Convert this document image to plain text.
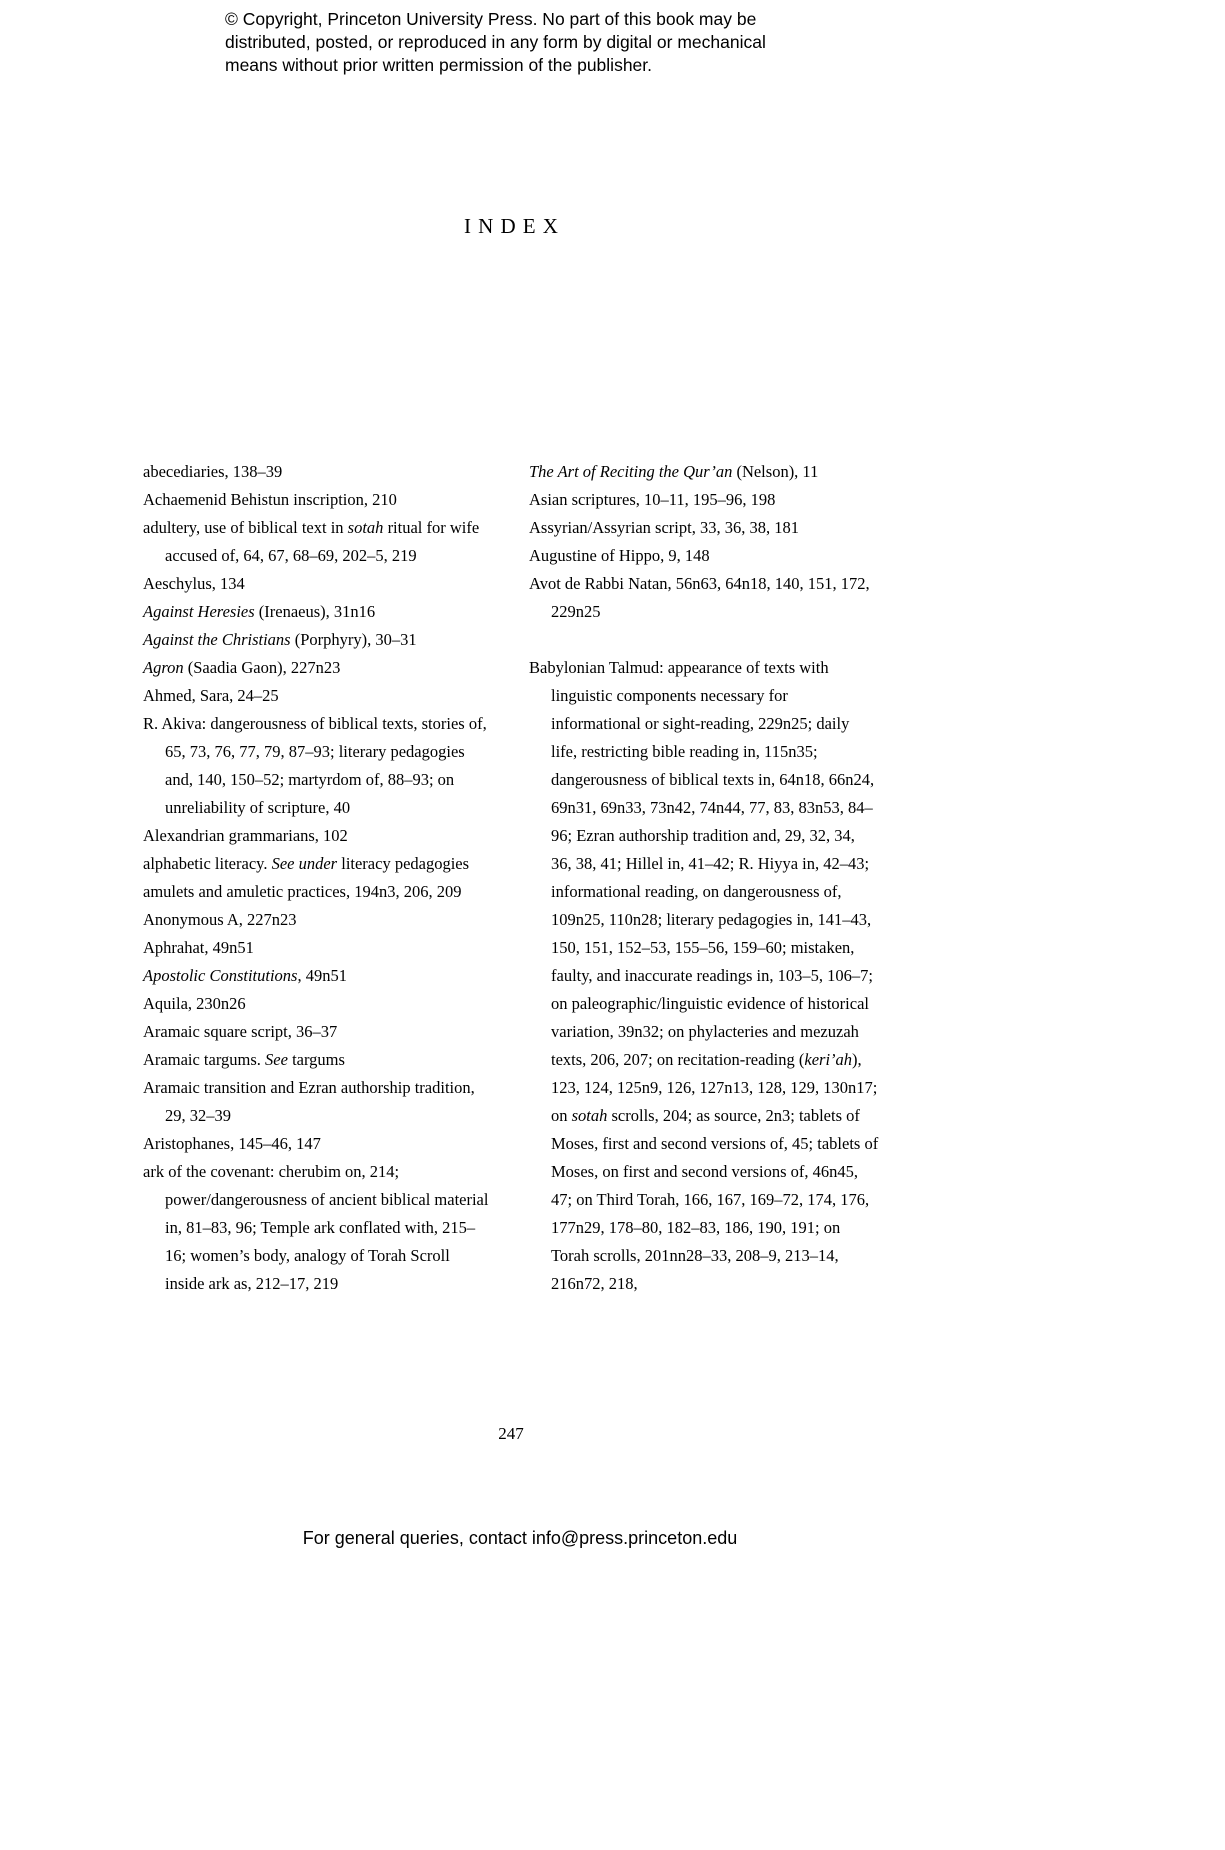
© Copyright, Princeton University Press. No part of this book may be
distributed, posted, or reproduced in any form by digital or mechanical
means without prior written permission of the publisher.
INDEX

abecediaries, 138–39

Achaemenid Behistun inscription, 210

adultery, use of biblical text in sotah ritual for wife accused of, 64, 67, 68–69, 202–5, 219

Aeschylus, 134

Against Heresies (Irenaeus), 31n16

Against the Christians (Porphyry), 30–31

Agron (Saadia Gaon), 227n23

Ahmed, Sara, 24–25

R. Akiva: dangerousness of biblical texts, stories of, 65, 73, 76, 77, 79, 87–93; literary pedagogies and, 140, 150–52; martyrdom of, 88–93; on unreliability of scripture, 40

Alexandrian grammarians, 102

alphabetic literacy. See under literacy pedagogies

amulets and amuletic practices, 194n3, 206, 209

Anonymous A, 227n23

Aphrahat, 49n51

Apostolic Constitutions, 49n51

Aquila, 230n26

Aramaic square script, 36–37

Aramaic targums. See targums

Aramaic transition and Ezran authorship tradition, 29, 32–39

Aristophanes, 145–46, 147

ark of the covenant: cherubim on, 214; power/dangerousness of ancient biblical material in, 81–83, 96; Temple ark conflated with, 215–16; women’s body, analogy of Torah Scroll inside ark as, 212–17, 219

The Art of Reciting the Qur’an (Nelson), 11

Asian scriptures, 10–11, 195–96, 198

Assyrian/Assyrian script, 33, 36, 38, 181

Augustine of Hippo, 9, 148

Avot de Rabbi Natan, 56n63, 64n18, 140, 151, 172, 229n25

Babylonian Talmud: appearance of texts with linguistic components necessary for informational or sight-reading, 229n25; daily life, restricting bible reading in, 115n35; dangerousness of biblical texts in, 64n18, 66n24, 69n31, 69n33, 73n42, 74n44, 77, 83, 83n53, 84–96; Ezran authorship tradition and, 29, 32, 34, 36, 38, 41; Hillel in, 41–42; R. Hiyya in, 42–43; informational reading, on dangerousness of, 109n25, 110n28; literary pedagogies in, 141–43, 150, 151, 152–53, 155–56, 159–60; mistaken, faulty, and inaccurate readings in, 103–5, 106–7; on paleographic/linguistic evidence of historical variation, 39n32; on phylacteries and mezuzah texts, 206, 207; on recitation-reading (keri’ah), 123, 124, 125n9, 126, 127n13, 128, 129, 130n17; on sotah scrolls, 204; as source, 2n3; tablets of Moses, first and second versions of, 45; tablets of Moses, on first and second versions of, 46n45, 47; on Third Torah, 166, 167, 169–72, 174, 176, 177n29, 178–80, 182–83, 186, 190, 191; on Torah scrolls, 201nn28–33, 208–9, 213–14, 216n72, 218,

247
For general queries, contact info@press.princeton.edu
